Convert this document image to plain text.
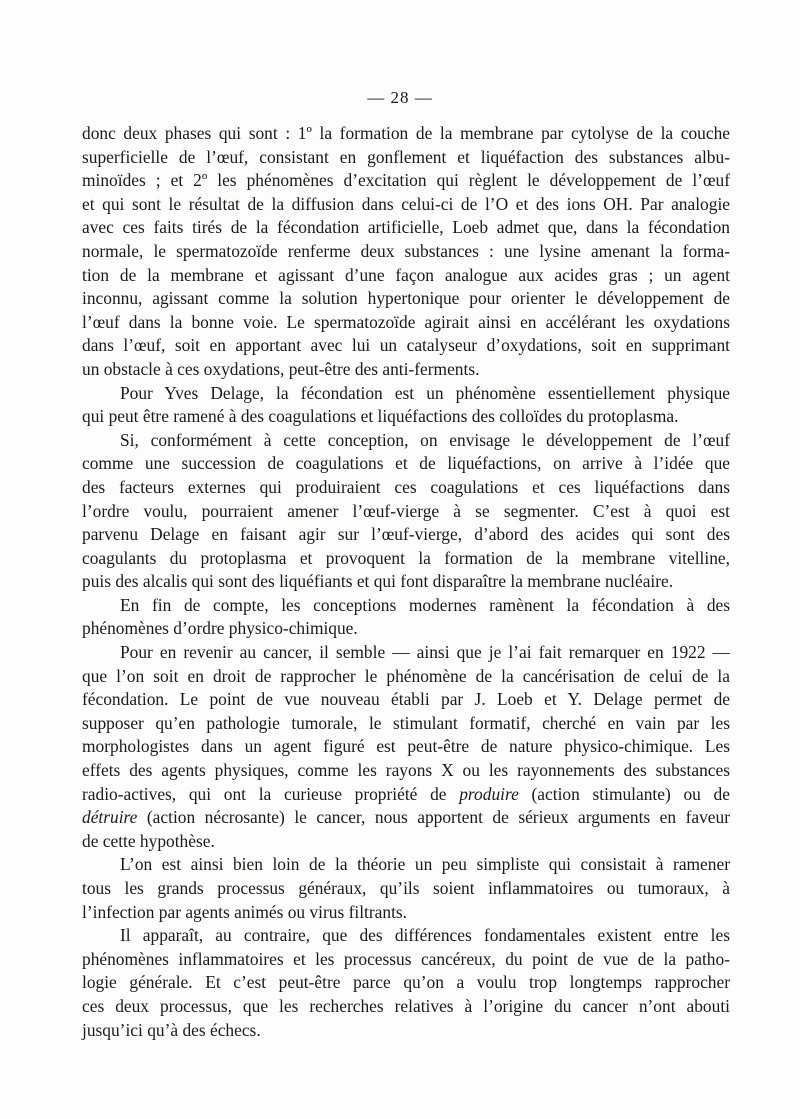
— 28 —
donc deux phases qui sont : 1º la formation de la membrane par cytolyse de la couche
superficielle de l’œuf, consistant en gonflement et liquéfaction des substances albu-
minoïdes ; et 2º les phénomènes d’excitation qui règlent le développement de l’œuf
et qui sont le résultat de la diffusion dans celui-ci de l’O et des ions OH. Par analogie
avec ces faits tirés de la fécondation artificielle, Loeb admet que, dans la fécondation
normale, le spermatozoïde renferme deux substances : une lysine amenant la forma-
tion de la membrane et agissant d’une façon analogue aux acides gras ; un agent
inconnu, agissant comme la solution hypertonique pour orienter le développement de
l’œuf dans la bonne voie. Le spermatozoïde agirait ainsi en accélérant les oxydations
dans l’œuf, soit en apportant avec lui un catalyseur d’oxydations, soit en supprimant
un obstacle à ces oxydations, peut-être des anti-ferments.
Pour Yves Delage, la fécondation est un phénomène essentiellement physique
qui peut être ramené à des coagulations et liquéfactions des colloïdes du protoplasma.
Si, conformément à cette conception, on envisage le développement de l’œuf
comme une succession de coagulations et de liquéfactions, on arrive à l’idée que
des facteurs externes qui produiraient ces coagulations et ces liquéfactions dans
l’ordre voulu, pourraient amener l’œuf-vierge à se segmenter. C’est à quoi est
parvenu Delage en faisant agir sur l’œuf-vierge, d’abord des acides qui sont des
coagulants du protoplasma et provoquent la formation de la membrane vitelline,
puis des alcalis qui sont des liquéfiants et qui font disparaître la membrane nucléaire.
En fin de compte, les conceptions modernes ramènent la fécondation à des
phénomènes d’ordre physico-chimique.
Pour en revenir au cancer, il semble — ainsi que je l’ai fait remarquer en 1922 —
que l’on soit en droit de rapprocher le phénomène de la cancérisation de celui de la
fécondation. Le point de vue nouveau établi par J. Loeb et Y. Delage permet de
supposer qu’en pathologie tumorale, le stimulant formatif, cherché en vain par les
morphologistes dans un agent figuré est peut-être de nature physico-chimique. Les
effets des agents physiques, comme les rayons X ou les rayonnements des substances
radio-actives, qui ont la curieuse propriété de produire (action stimulante) ou de
détruire (action nécrosante) le cancer, nous apportent de sérieux arguments en faveur
de cette hypothèse.
L’on est ainsi bien loin de la théorie un peu simpliste qui consistait à ramener
tous les grands processus généraux, qu’ils soient inflammatoires ou tumoraux, à
l’infection par agents animés ou virus filtrants.
Il apparaît, au contraire, que des différences fondamentales existent entre les
phénomènes inflammatoires et les processus cancéreux, du point de vue de la patho-
logie générale. Et c’est peut-être parce qu’on a voulu trop longtemps rapprocher
ces deux processus, que les recherches relatives à l’origine du cancer n’ont abouti
jusqu’ici qu’à des échecs.
